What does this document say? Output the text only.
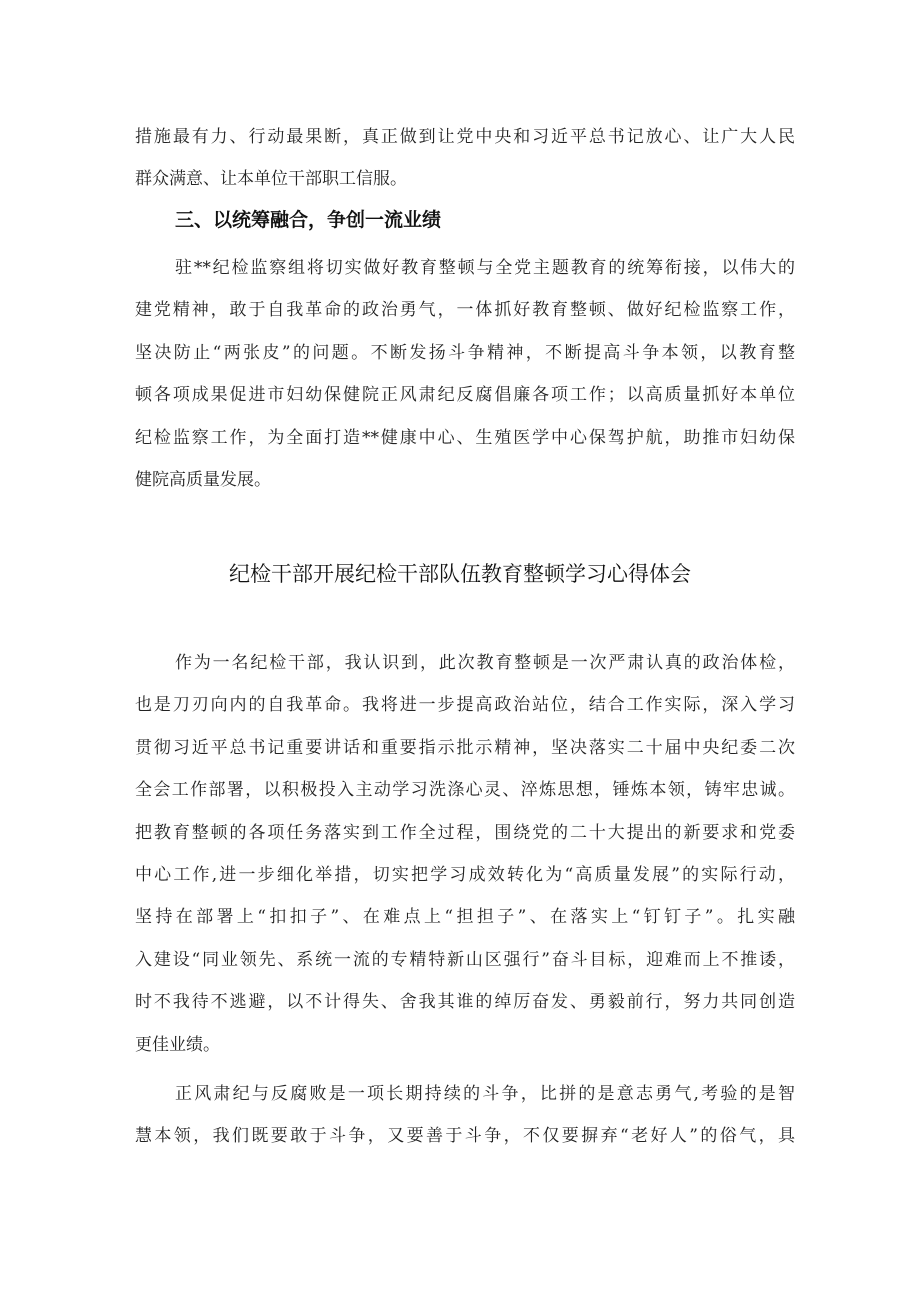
措施最有力、行动最果断，真正做到让党中央和习近平总书记放心、让广大人民
群众满意、让本单位干部职工信服。
三、以统筹融合，争创一流业绩
驻**纪检监察组将切实做好教育整顿与全党主题教育的统筹衔接，以伟大的
建党精神，敢于自我革命的政治勇气，一体抓好教育整顿、做好纪检监察工作，
坚决防止“两张皮”的问题。不断发扬斗争精神，不断提高斗争本领，以教育整
顿各项成果促进市妇幼保健院正风肃纪反腐倡廉各项工作；以高质量抓好本单位
纪检监察工作，为全面打造**健康中心、生殖医学中心保驾护航，助推市妇幼保
健院高质量发展。
纪检干部开展纪检干部队伍教育整顿学习心得体会
作为一名纪检干部，我认识到，此次教育整顿是一次严肃认真的政治体检，
也是刀刃向内的自我革命。我将进一步提高政治站位，结合工作实际，深入学习
贯彻习近平总书记重要讲话和重要指示批示精神，坚决落实二十届中央纪委二次
全会工作部署，以积极投入主动学习洗涤心灵、淬炼思想，锤炼本领，铸牢忠诚。
把教育整顿的各项任务落实到工作全过程，围绕党的二十大提出的新要求和党委
中心工作,进一步细化举措，切实把学习成效转化为“高质量发展”的实际行动，
坚持在部署上“扣扣子”、在难点上“担担子”、在落实上“钉钉子”。扎实融
入建设“同业领先、系统一流的专精特新山区强行”奋斗目标，迎难而上不推诿，
时不我待不逃避，以不计得失、舍我其谁的绰厉奋发、勇毅前行，努力共同创造
更佳业绩。
正风肃纪与反腐败是一项长期持续的斗争，比拼的是意志勇气,考验的是智
慧本领，我们既要敢于斗争，又要善于斗争，不仅要摒弃“老好人”的俗气，具
